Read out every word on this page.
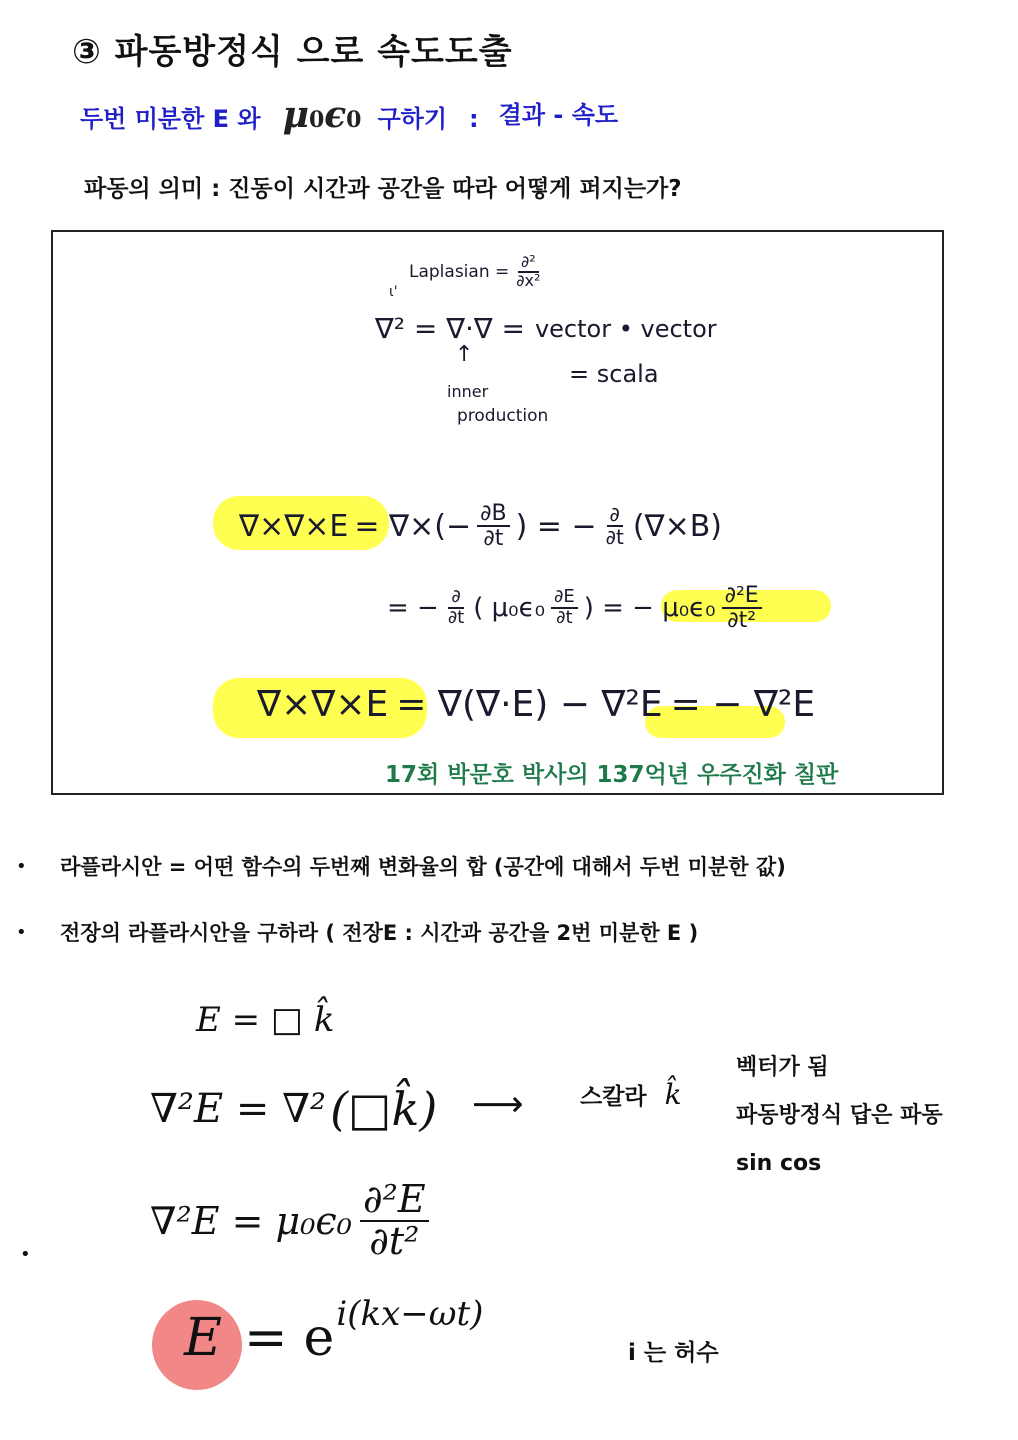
③ 파동방정식 으로 속도도출
두번 미분한 E 와 μ 0 ϵ 0 구하기 : 결과 - 속도
파동의 의미 : 진동이 시간과 공간을 따라 어떻게 퍼지는가?
Laplasian = $\frac{\text{∂²}}{\text{∂x²}}$
ι'
∇² = ∇·∇ = vector • vector
= scala
↑
inner
production
∇×∇×E = ∇×(− $\frac{\partial B}{\partial t}$ ) = − $\frac{\partial}{\partial t} (\nabla\times B)$
= − $\frac{\partial}{\partial t}$ ( $\mu_0\epsilon_0 \frac{\partial E}{\partial t}$ ) = − $\mu_0\epsilon_0 \frac{\text{∂²E}}{\text{∂t²}}$
∇×∇×E = ∇(∇·E) − ∇²E = − ∇²E
17회 박문호 박사의 137억년 우주진화 칠판
•	라플라시안 = 어떤 함수의 두번째 변화율의 합 (공간에 대해서 두번 미분한 값)
•	전장의 라플라시안을 구하라 ( 전장E : 시간과 공간을 2번 미분한 E )
E = □ k̂
∇²E = ∇² (□k̂) ⟶ 스칼라 k̂
벡터가 됨
파동방정식 답은 파동
sin cos
•
$\nabla^2E = \mu_0\epsilon_0 \frac{\text{∂²E}}{\text{∂t²}}$
E = e i(kx−ωt)
i 는 허수
